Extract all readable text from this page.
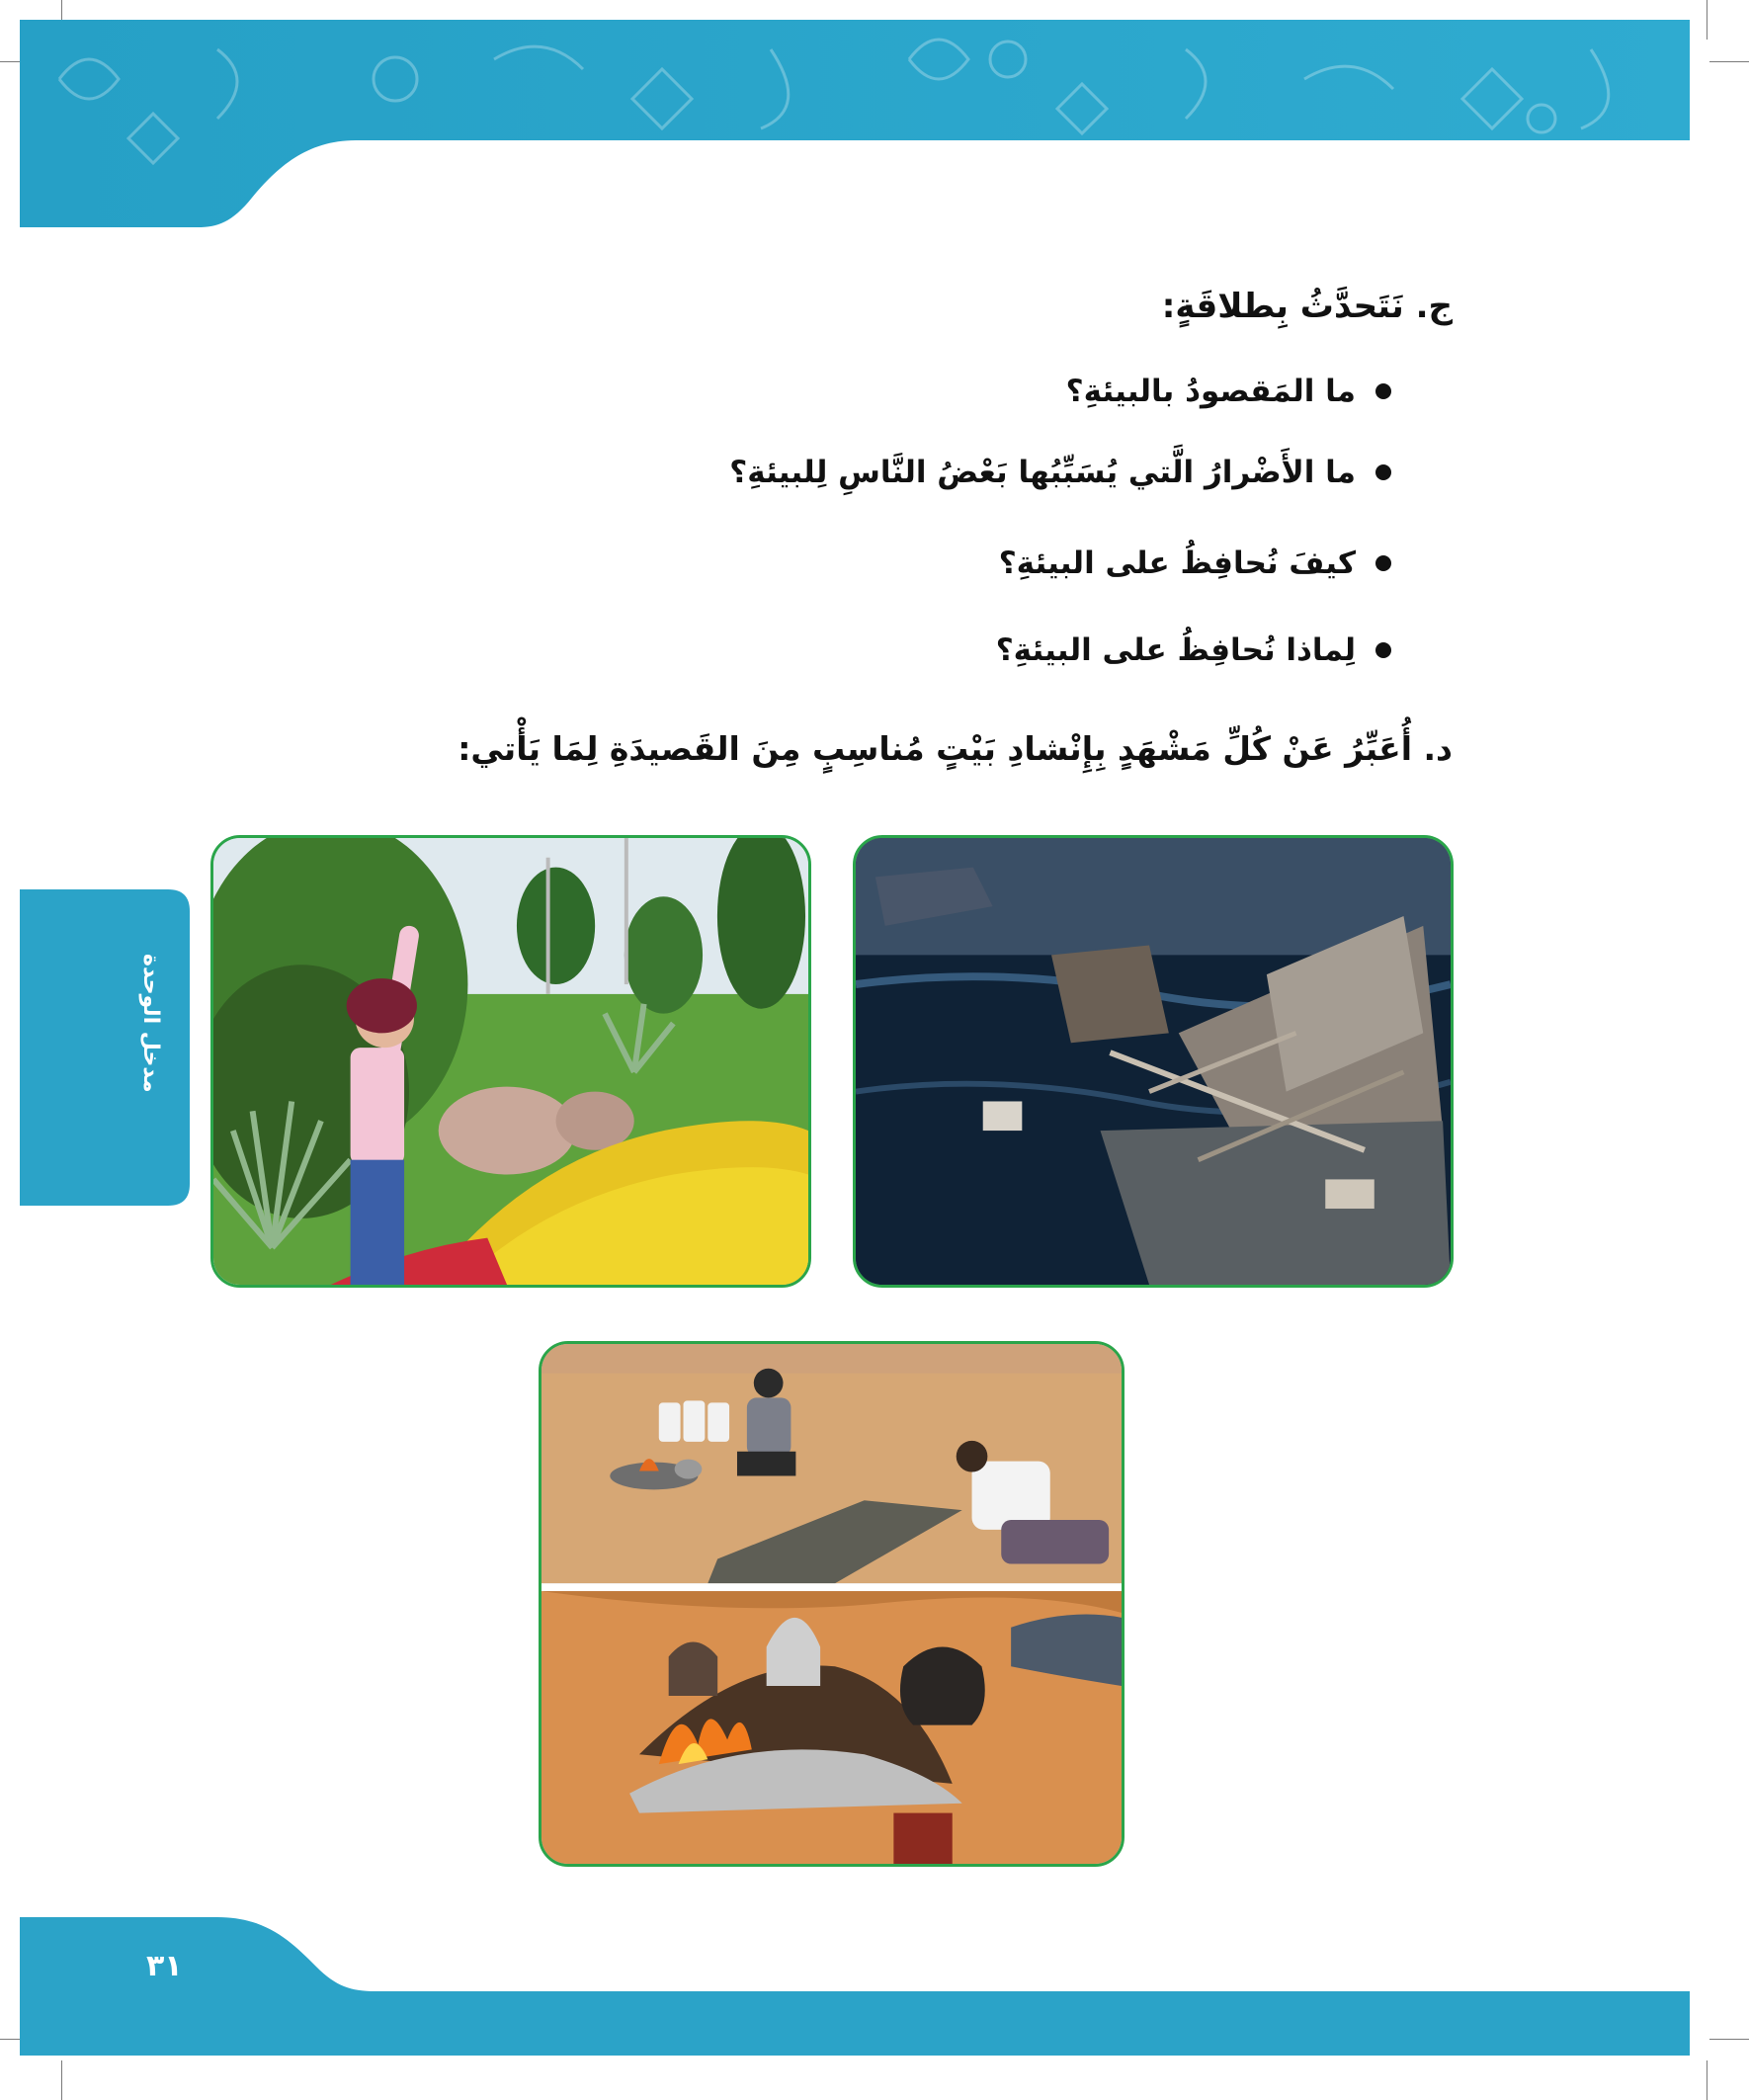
ج. نَتَحدَّثُ بِطلاقَةٍ:
ما المَقصودُ بالبيئةِ؟
ما الأَضْرارُ الَّتي يُسَبِّبُها بَعْضُ النَّاسِ لِلبيئةِ؟
كيفَ نُحافِظُ على البيئةِ؟
لِماذا نُحافِظُ على البيئةِ؟
د. أُعَبِّرُ عَنْ كُلِّ مَشْهَدٍ بِإِنْشادِ بَيْتٍ مُناسِبٍ مِنَ القَصيدَةِ لِمَا يَأْتي:
مدخل الوحدة
٣١
